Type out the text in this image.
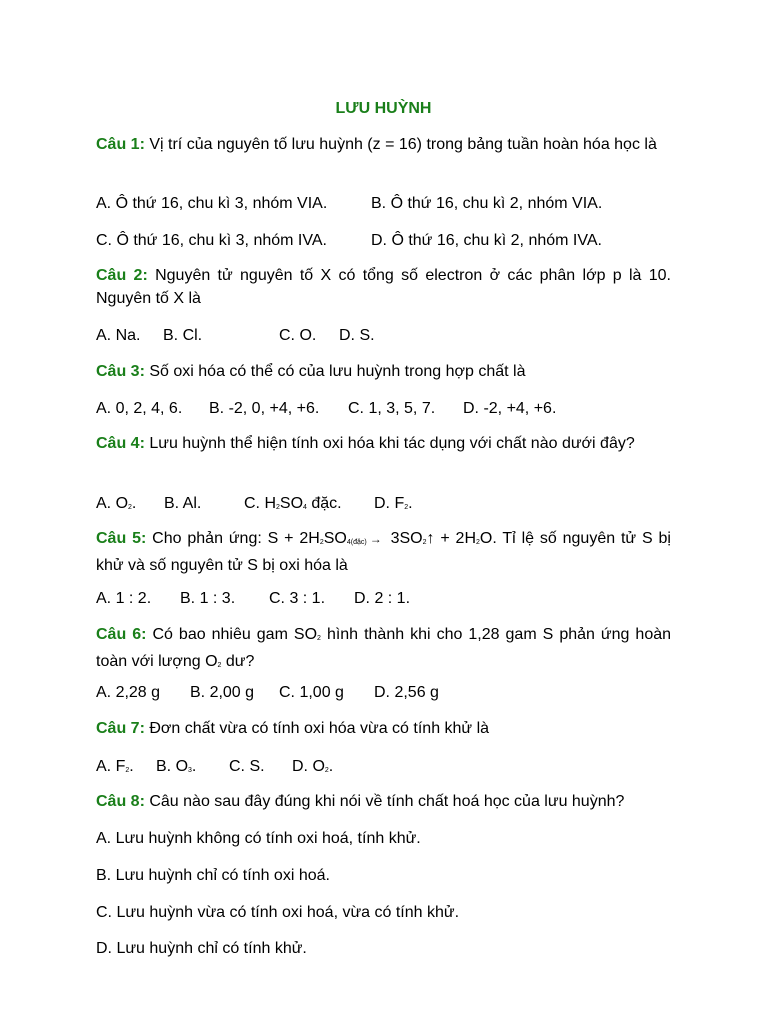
LƯU HUỲNH
Câu 1: Vị trí của nguyên tố lưu huỳnh (z = 16) trong bảng tuần hoàn hóa học là
A. Ô thứ 16, chu kì 3, nhóm VIA.	B. Ô thứ 16, chu kì 2, nhóm VIA.
C. Ô thứ 16, chu kì 3, nhóm IVA.	D. Ô thứ 16, chu kì 2, nhóm IVA.
Câu 2: Nguyên tử nguyên tố X có tổng số electron ở các phân lớp p là 10. Nguyên tố X là
A. Na. B. Cl.	C. O. D. S.
Câu 3: Số oxi hóa có thể có của lưu huỳnh trong hợp chất là
A. 0, 2, 4, 6. B. -2, 0, +4, +6. C. 1, 3, 5, 7. D. -2, +4, +6.
Câu 4: Lưu huỳnh thể hiện tính oxi hóa khi tác dụng với chất nào dưới đây?
A. $O_2$. B. Al.	C. $H_2SO_4$ đặc. D. $F_2$.
Câu 5: Cho phản ứng: $S + 2H_2SO_{4(đặc)}$ → $3SO_2↑ + 2H_2O$. Tỉ lệ số nguyên tử S bị khử và số nguyên tử S bị oxi hóa là
A. 1 : 2. B. 1 : 3. C. 3 : 1. D. 2 : 1.
Câu 6: Có bao nhiêu gam $SO_2$ hình thành khi cho 1,28 gam S phản ứng hoàn toàn với lượng $O_2$ dư?
A. 2,28 g B. 2,00 g C. 1,00 g D. 2,56 g
Câu 7: Đơn chất vừa có tính oxi hóa vừa có tính khử là
A. $F_2$. B. $O_3$. C. S. D. $O_2$.
Câu 8: Câu nào sau đây đúng khi nói về tính chất hoá học của lưu huỳnh?
A. Lưu huỳnh không có tính oxi hoá, tính khử.
B. Lưu huỳnh chỉ có tính oxi hoá.
C. Lưu huỳnh vừa có tính oxi hoá, vừa có tính khử.
D. Lưu huỳnh chỉ có tính khử.
